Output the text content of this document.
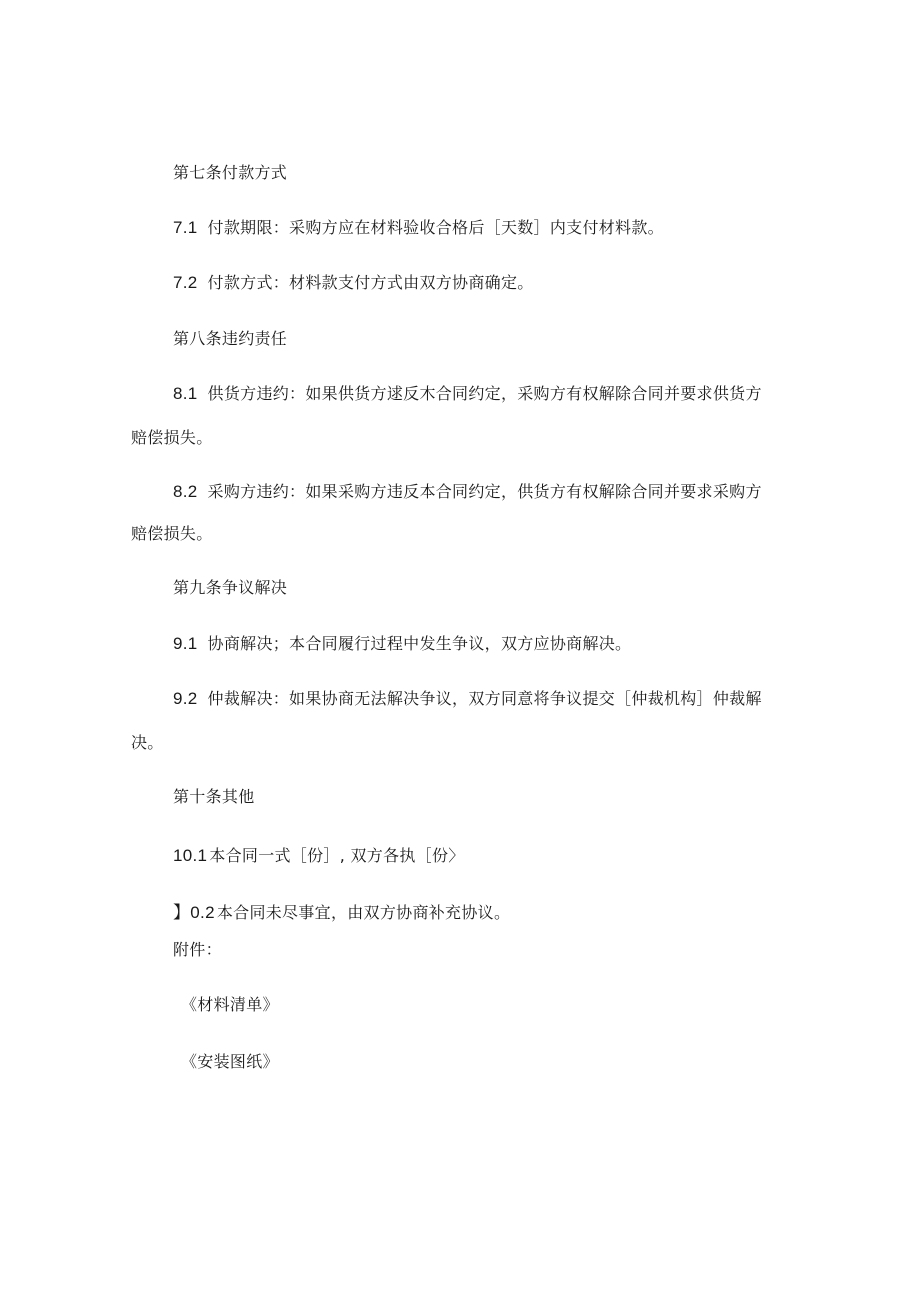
第七条付款方式
7.1 付款期限：采购方应在材料验收合格后［天数］内支付材料款。
7.2 付款方式：材料款支付方式由双方协商确定。
第八条违约责任
8.1 供货方违约：如果供货方逑反木合同约定，采购方有权解除合同并要求供货方
赔偿损失。
8.2 采购方违约：如果采购方违反本合同约定，供货方有权解除合同并要求采购方
赔偿损失。
第九条争议解决
9.1 协商解决；本合同履行过程中发生争议，双方应协商解决。
9.2 仲裁解决：如果协商无法解决争议，双方同意将争议提交［仲裁机构］仲裁解
决。
第十条其他
10.1 本合同一式［份］, 双方各执［份〉
】0.2 本合同未尽事宜，由双方协商补充协议。
附件：
《材料清单》
《安装图纸》
